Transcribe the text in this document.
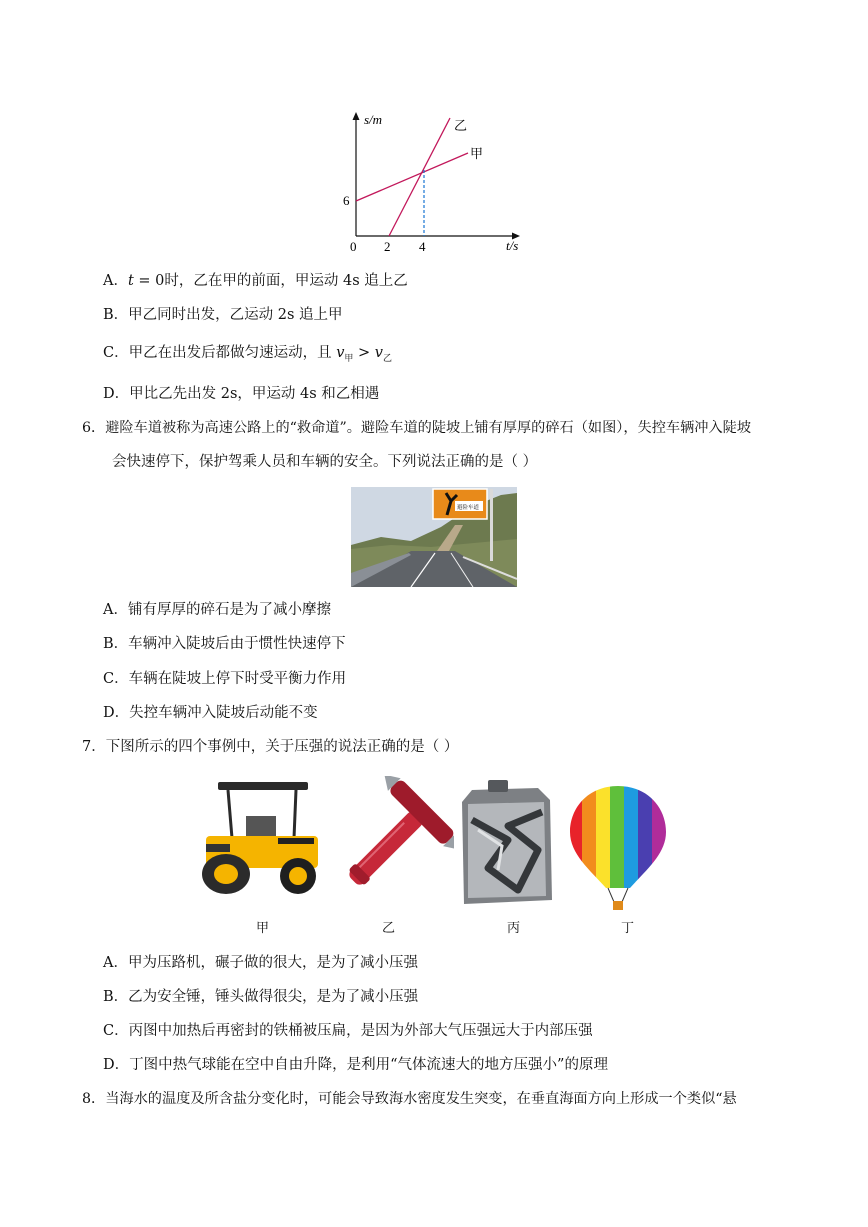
s/m
t/s
6
0 2 4
乙
甲
A．t = 0时，乙在甲的前面，甲运动 4s 追上乙
B．甲乙同时出发，乙运动 2s 追上甲
C．甲乙在出发后都做匀速运动，且 $v_甲 > v_乙$
D．甲比乙先出发 2s，甲运动 4s 和乙相遇
6．避险车道被称为高速公路上的“救命道”。避险车道的陡坡上铺有厚厚的碎石（如图），失控车辆冲入陡坡
会快速停下，保护驾乘人员和车辆的安全。下列说法正确的是（ ）
避险车道
A．铺有厚厚的碎石是为了减小摩擦
B．车辆冲入陡坡后由于惯性快速停下
C．车辆在陡坡上停下时受平衡力作用
D．失控车辆冲入陡坡后动能不变
7．下图所示的四个事例中，关于压强的说法正确的是（ ）
甲	乙	丙	丁
A．甲为压路机，碾子做的很大，是为了减小压强
B．乙为安全锤，锤头做得很尖，是为了减小压强
C．丙图中加热后再密封的铁桶被压扁，是因为外部大气压强远大于内部压强
D．丁图中热气球能在空中自由升降，是利用“气体流速大的地方压强小”的原理
8．当海水的温度及所含盐分变化时，可能会导致海水密度发生突变，在垂直海面方向上形成一个类似“悬
